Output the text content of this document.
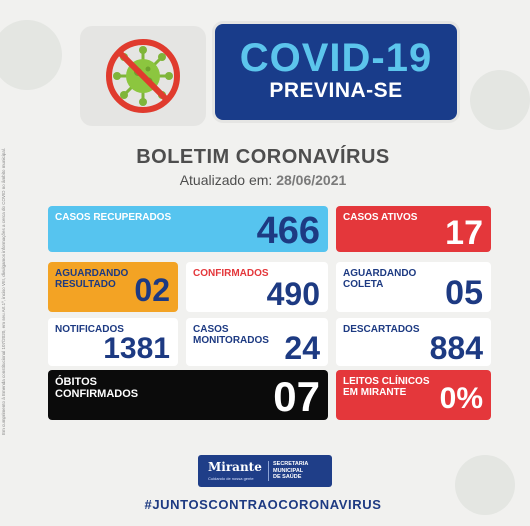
Em cumprimento à Emenda constitucional 107/2020, em seu Art.1º, inciso VIII, divulgamos informações a cerca do COVID no âmbito municipal.
COVID-19
PREVINA-SE
BOLETIM CORONAVÍRUS
Atualizado em: 28/06/2021
CASOS RECUPERADOS 466 CASOS ATIVOS 17
AGUARDANDO
RESULTADO 02 CONFIRMADOS
490
AGUARDANDO
COLETA	05
NOTIFICADOS
1381
CASOS
MONITORADOS 24
DESCARTADOS
884
ÓBITOS
CONFIRMADOS	07 LEITOS CLÍNICOS
EM MIRANTE	0%
Mirante
Cuidando de nossa gente
SECRETARIA
MUNICIPAL
DE SAÚDE
#JUNTOSCONTRAOCORONAVIRUS
